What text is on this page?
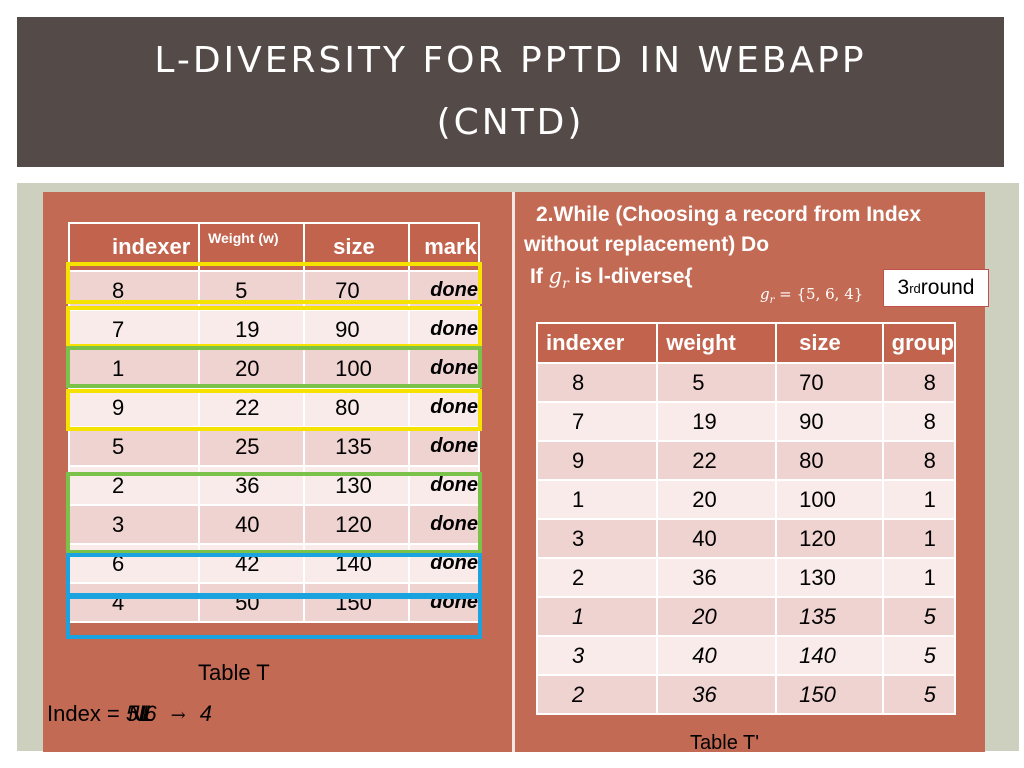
L-DIVERSITY FOR PPTD IN WEBAPP
(CNTD)
indexer	Weight (w)	size	mark
8	5	70	done
7	19	90	done
1	20	100	done
9	22	80	done
5	25	135	done
2	36	130	done
3	40	120	done
6	42	140	done
4	50	150	done
Table T
Index = 5NULL6 → 4
2.While (Choosing a record from Index
without replacement) Do
If $g_r$ is l-diverse{
$g_r = \{5$, 6, 4} 3 rd round
indexer	weight	size	group
8	5	70	8
7	19	90	8
9	22	80	8
1	20	100	1
3	40	120	1
2	36	130	1
1	20	135	5
3	40	140	5
2	36	150	5
Table T'
